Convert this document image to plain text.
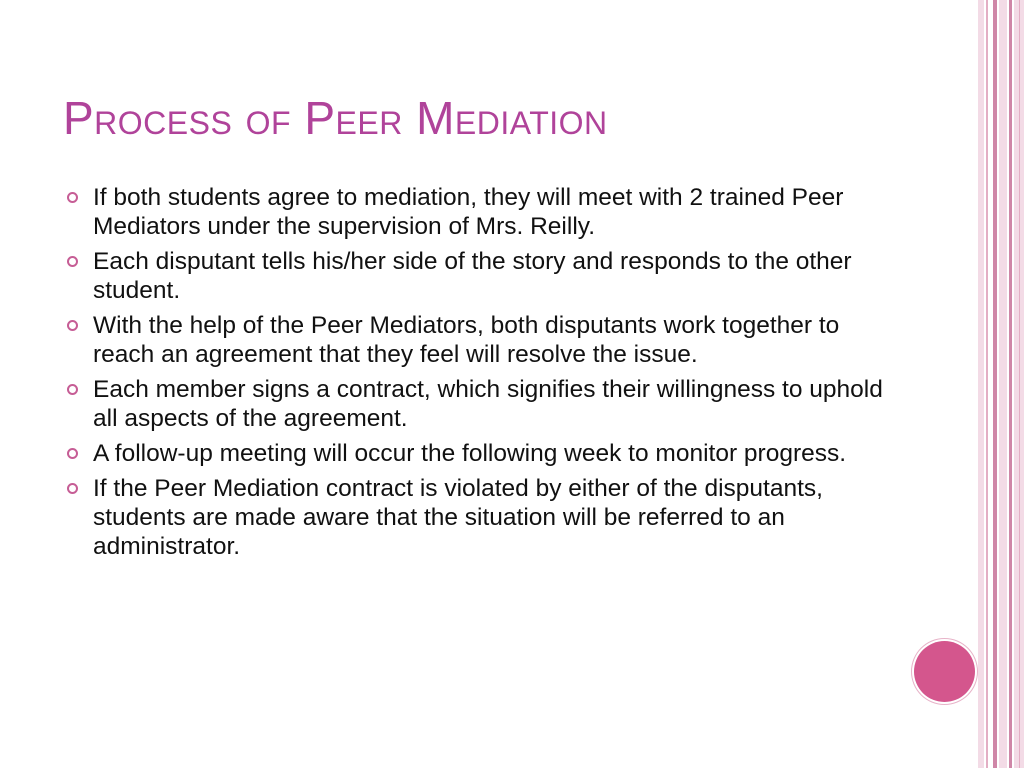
Process of Peer Mediation
If both students agree to mediation, they will meet with 2 trained Peer Mediators under the supervision of Mrs. Reilly.
Each disputant tells his/her side of the story and responds to the other student.
With the help of the Peer Mediators, both disputants work together to reach an agreement that they feel will resolve the issue.
Each member signs a contract, which signifies their willingness to uphold all aspects of the agreement.
A follow-up meeting will occur the following week to monitor progress.
If the Peer Mediation contract is violated by either of the disputants, students are made aware that the situation will be referred to an administrator.
